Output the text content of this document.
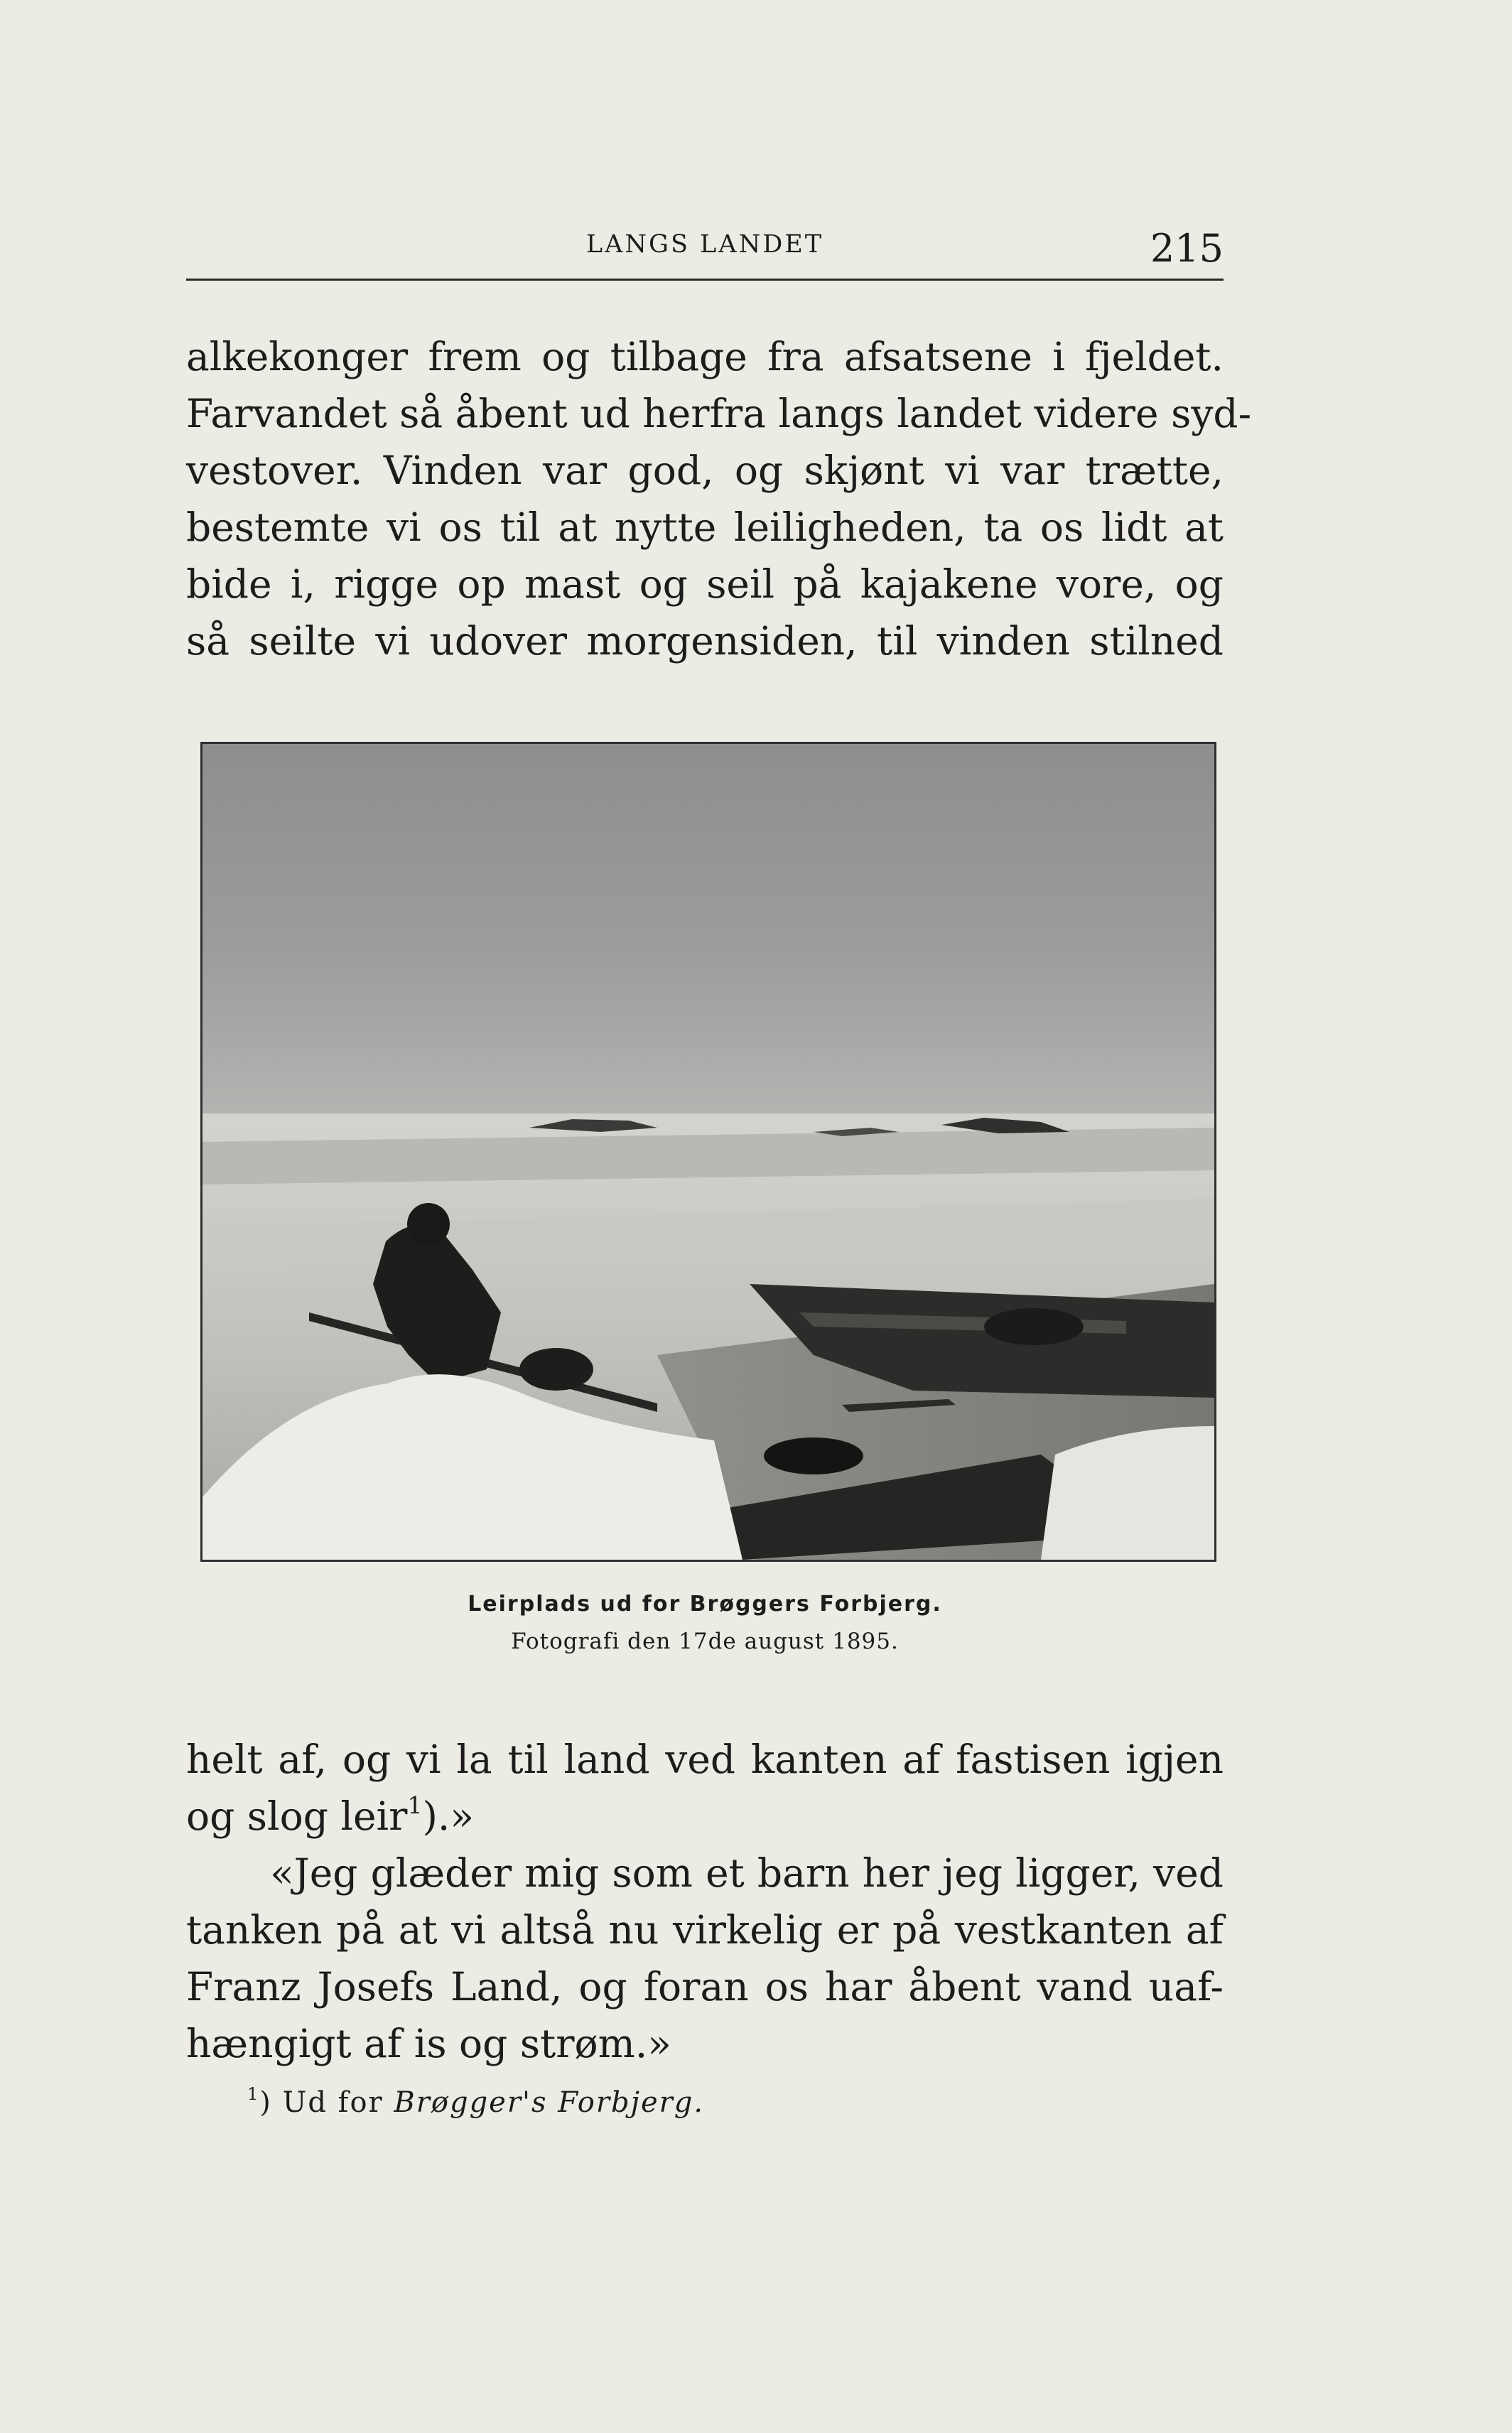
LANGS LANDET	215
alkekonger frem og tilbage fra afsatsene i fjeldet.
Farvandet så åbent ud herfra langs landet videre syd-
vestover. Vinden var god, og skjønt vi var trætte,
bestemte vi os til at nytte leiligheden, ta os lidt at
bide i, rigge op mast og seil på kajakene vore, og
så seilte vi udover morgensiden, til vinden stilned
Leirplads ud for Brøggers Forbjerg.
Fotografi den 17de august 1895.
helt af, og vi la til land ved kanten af fastisen igjen
og slog leir$^1$).»
«Jeg glæder mig som et barn her jeg ligger, ved
tanken på at vi altså nu virkelig er på vestkanten af
Franz Josefs Land, og foran os har åbent vand uaf-
hængigt af is og strøm.»
$^1$) Ud for Brøgger's Forbjerg.
